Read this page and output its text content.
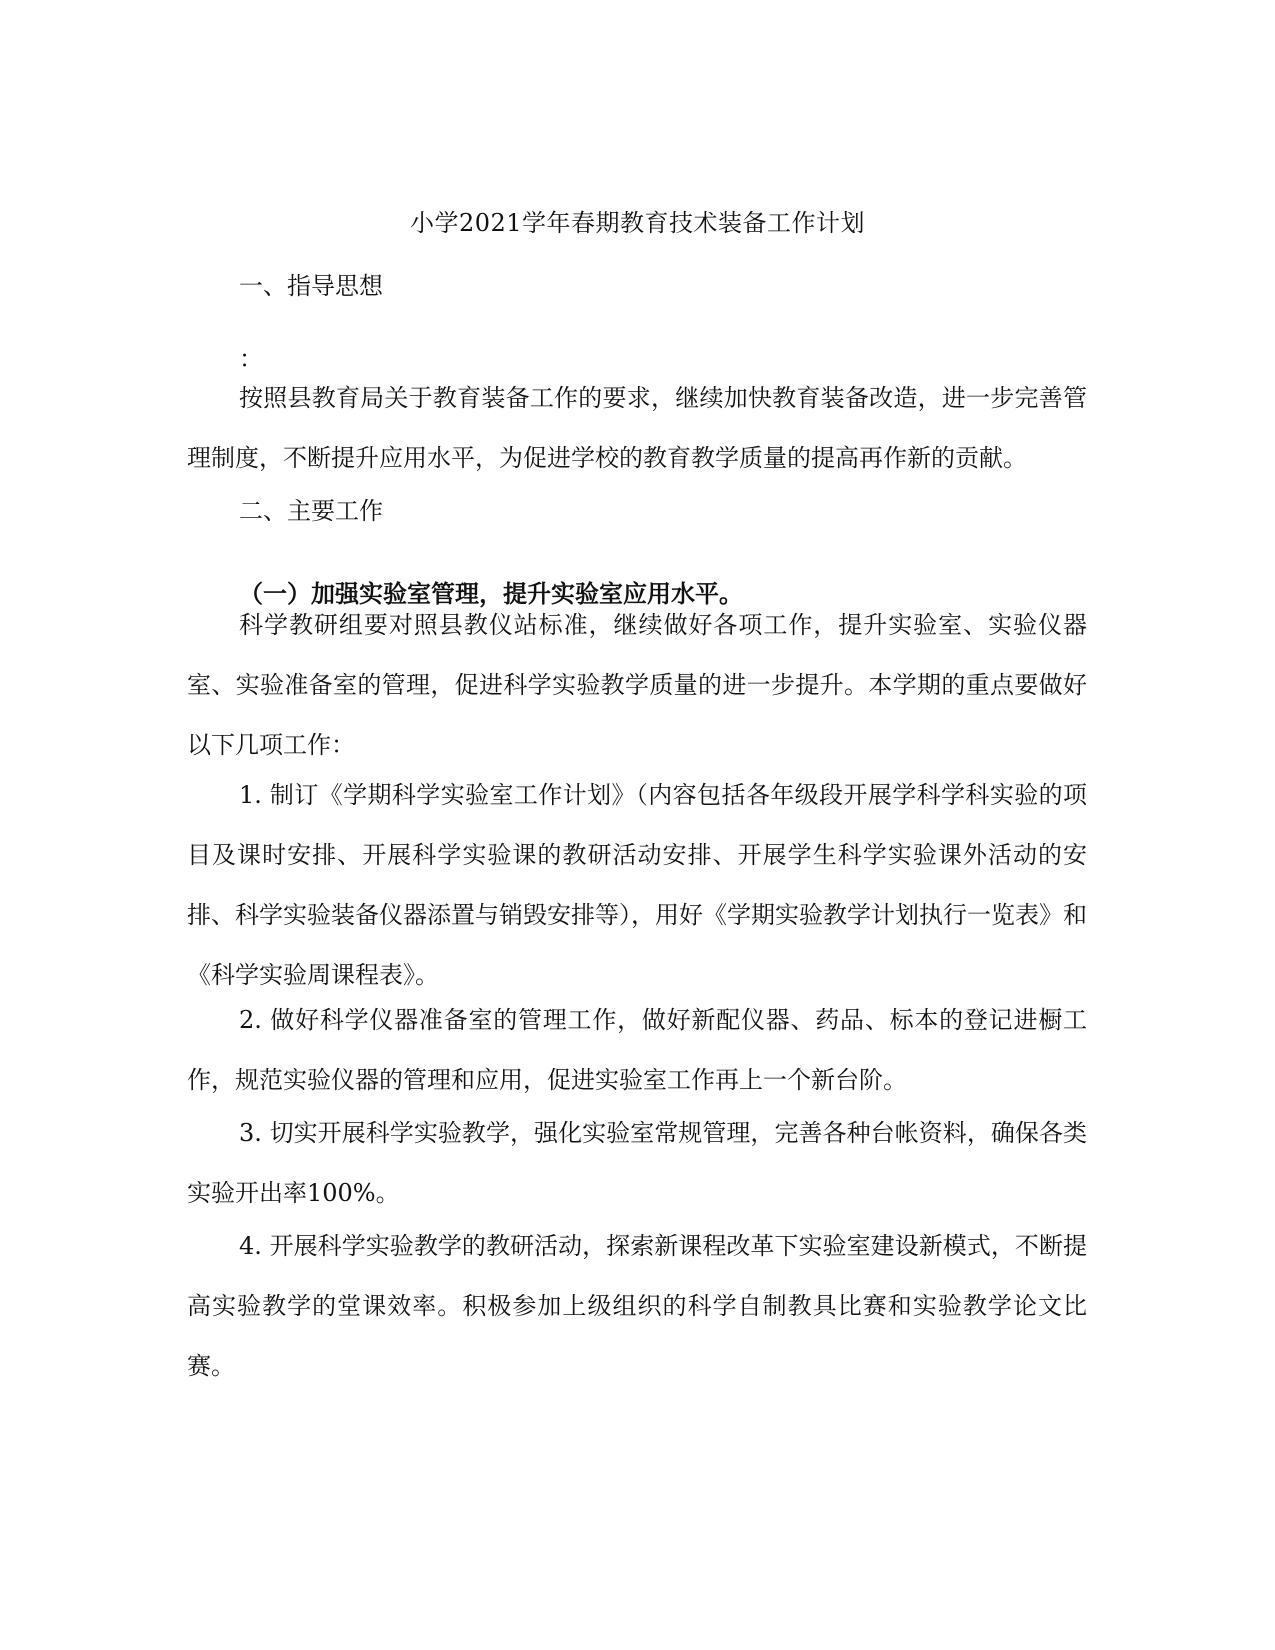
小学2021学年春期教育技术装备工作计划
一、指导思想
：

按照县教育局关于教育装备工作的要求，继续加快教育装备改造，进一步完善管理制度，不断提升应用水平，为促进学校的教育教学质量的提高再作新的贡献。

二、主要工作
（一）加强实验室管理，提升实验室应用水平。

科学教研组要对照县教仪站标准，继续做好各项工作，提升实验室、实验仪器室、实验准备室的管理，促进科学实验教学质量的进一步提升。本学期的重点要做好以下几项工作：

1. 制订《学期科学实验室工作计划》（内容包括各年级段开展学科学科实验的项目及课时安排、开展科学实验课的教研活动安排、开展学生科学实验课外活动的安排、科学实验装备仪器添置与销毁安排等），用好《学期实验教学计划执行一览表》和《科学实验周课程表》。

2. 做好科学仪器准备室的管理工作，做好新配仪器、药品、标本的登记进橱工作，规范实验仪器的管理和应用，促进实验室工作再上一个新台阶。

3. 切实开展科学实验教学，强化实验室常规管理，完善各种台帐资料，确保各类实验开出率100%。

4. 开展科学实验教学的教研活动，探索新课程改革下实验室建设新模式，不断提高实验教学的堂课效率。积极参加上级组织的科学自制教具比赛和实验教学论文比赛。
